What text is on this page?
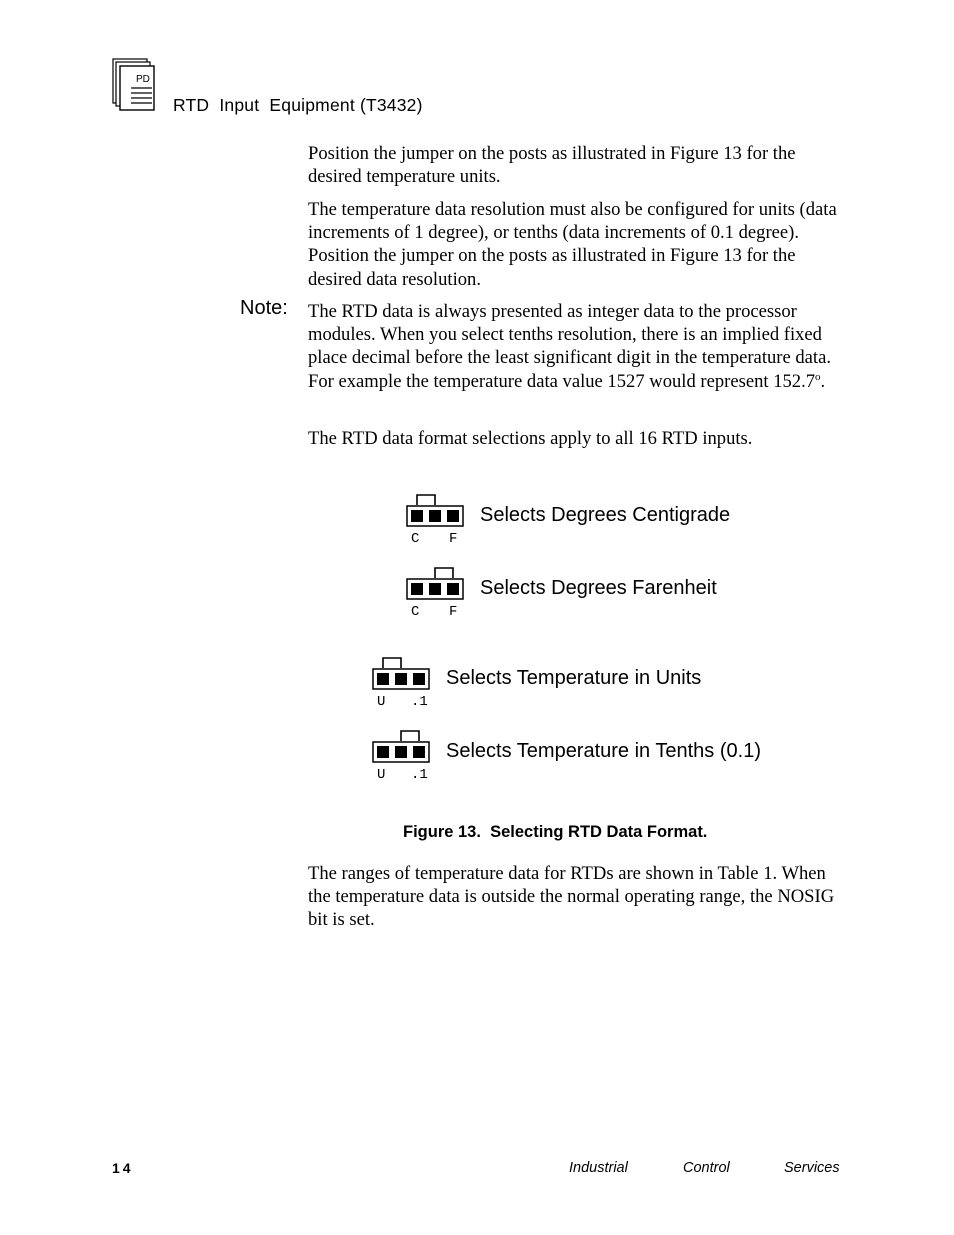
PD
RTD  Input  Equipment (T3432)

Position the jumper on the posts as illustrated in Figure 13 for the desired temperature units.

The temperature data resolution must also be configured for units (data increments of 1 degree), or tenths (data increments of 0.1 degree). Position the jumper on the posts as illustrated in Figure 13 for the desired data resolution.

Note: The RTD data is always presented as integer data to the processor modules. When you select tenths resolution, there is an implied fixed place decimal before the least significant digit in the temperature data. For example the temperature data value 1527 would represent 152.7$^o$.

The RTD data format selections apply to all 16 RTD inputs.

C F
C F
U .1
U .1
Selects Degrees Centigrade
Selects Degrees Farenheit
Selects Temperature in Units
Selects Temperature in Tenths (0.1)
Figure 13.  Selecting RTD Data Format.

The ranges of temperature data for RTDs are shown in Table 1. When the temperature data is outside the normal operating range, the NOSIG bit is set.

14	Industrial	Control	Services
